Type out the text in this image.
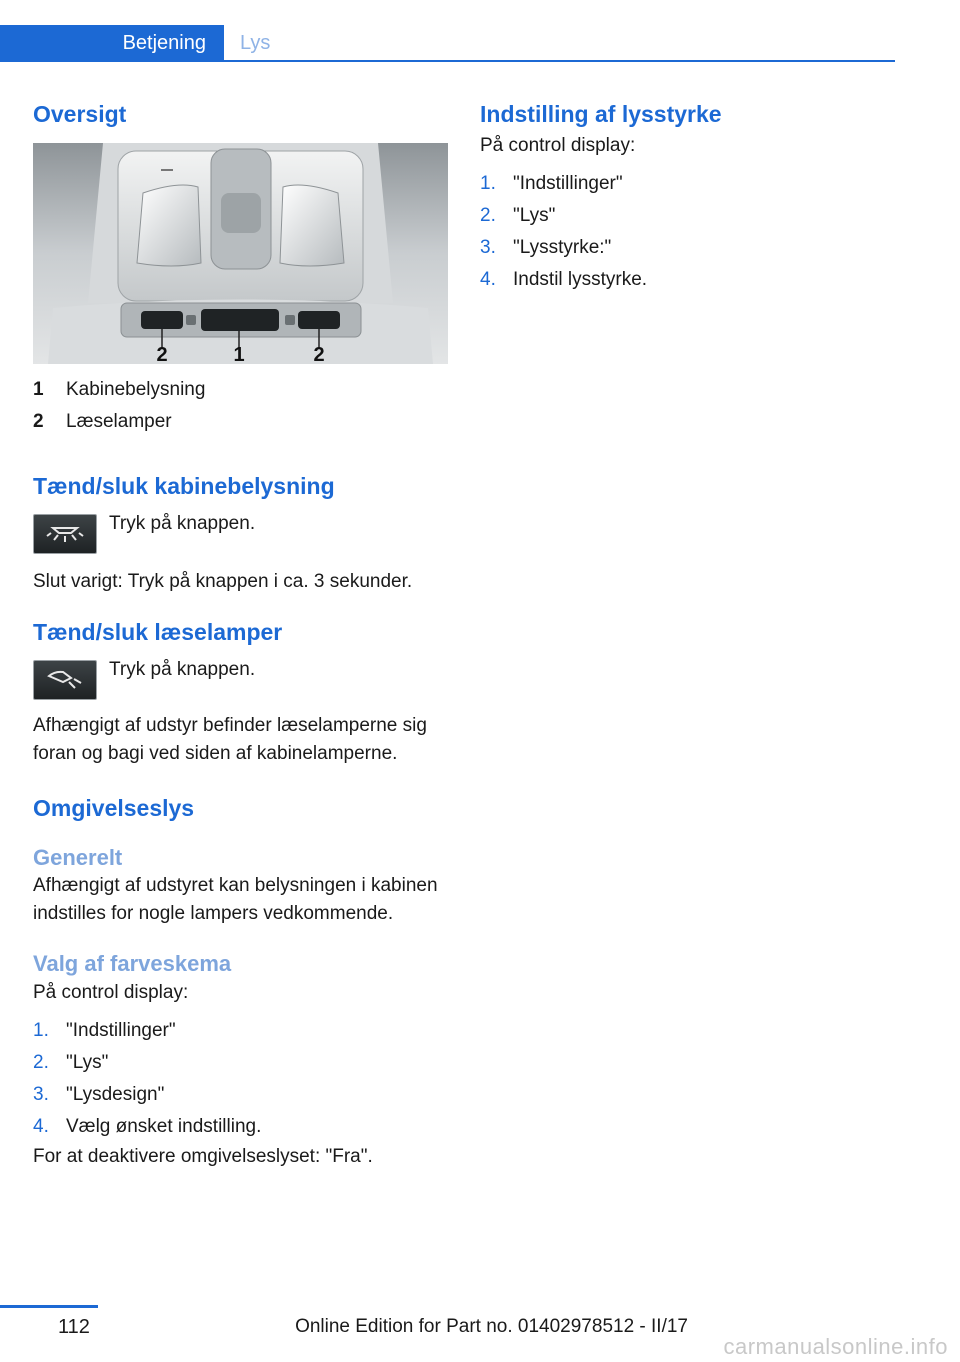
Betjening	Lys
Oversigt
2	1	2
1	Kabinebelysning
2	Læselamper
Tænd/sluk kabinebelysning

Tryk på knappen.

Slut varigt: Tryk på knappen i ca. 3 sekunder.

Tænd/sluk læselamper

Tryk på knappen.

Afhængigt af udstyr befinder læselamperne sig foran og bagi ved siden af kabinelamperne.

Omgivelseslys
Generelt

Afhængigt af udstyret kan belysningen i kabinen indstilles for nogle lampers vedkommende.

Valg af farveskema

På control display:

1. "Indstillinger"
2. "Lys"
3. "Lysdesign"
4. Vælg ønsket indstilling.

For at deaktivere omgivelseslyset: "Fra".

Indstilling af lysstyrke

På control display:

1. "Indstillinger"
2. "Lys"
3. "Lysstyrke:"
4. Indstil lysstyrke.
112	Online Edition for Part no. 01402978512 - II/17
carmanualsonline.info
